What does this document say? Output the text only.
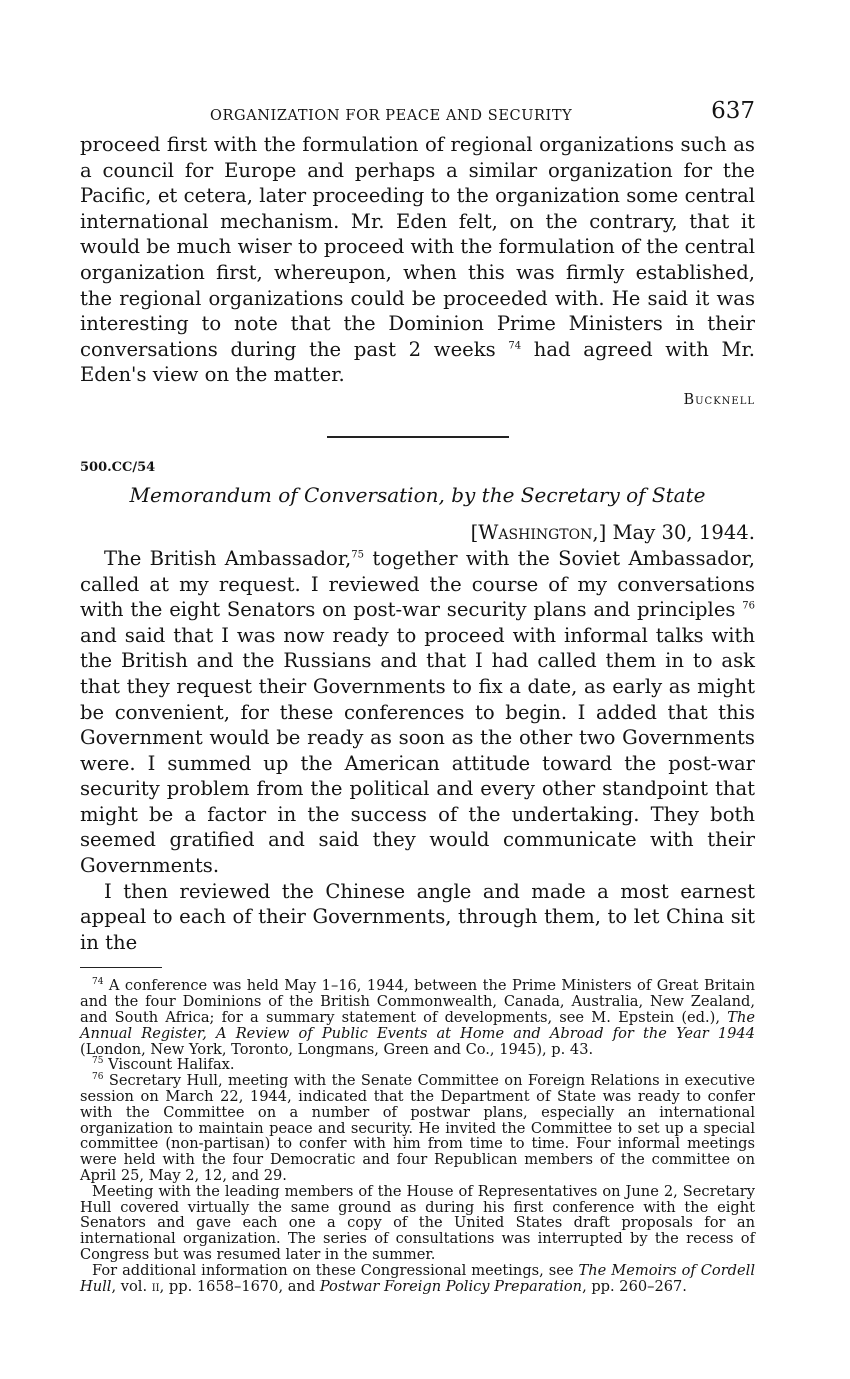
ORGANIZATION FOR PEACE AND SECURITY	637

proceed first with the formulation of regional organizations such as a council for Europe and perhaps a similar organization for the Pacific, et cetera, later proceeding to the organization some central international mechanism. Mr. Eden felt, on the contrary, that it would be much wiser to proceed with the formulation of the central organization first, whereupon, when this was firmly established, the regional organizations could be proceeded with. He said it was interesting to note that the Dominion Prime Ministers in their conversations during the past 2 weeks $^{74}$ had agreed with Mr. Eden's view on the matter.

Bucknell

500.CC/54

Memorandum of Conversation, by the Secretary of State

[Washington,] May 30, 1944.

The British Ambassador,$^{75}$ together with the Soviet Ambassador, called at my request. I reviewed the course of my conversations with the eight Senators on post-war security plans and principles $^{76}$ and said that I was now ready to proceed with informal talks with the British and the Russians and that I had called them in to ask that they request their Governments to fix a date, as early as might be convenient, for these conferences to begin. I added that this Government would be ready as soon as the other two Governments were. I summed up the American attitude toward the post-war security problem from the political and every other standpoint that might be a factor in the success of the undertaking. They both seemed gratified and said they would communicate with their Governments.

I then reviewed the Chinese angle and made a most earnest appeal to each of their Governments, through them, to let China sit in the

$^{74}$ A conference was held May 1–16, 1944, between the Prime Ministers of Great Britain and the four Dominions of the British Commonwealth, Canada, Australia, New Zealand, and South Africa; for a summary statement of developments, see M. Epstein (ed.), The Annual Register, A Review of Public Events at Home and Abroad for the Year 1944 (London, New York, Toronto, Longmans, Green and Co., 1945), p. 43.

$^{75}$ Viscount Halifax.

$^{76}$ Secretary Hull, meeting with the Senate Committee on Foreign Relations in executive session on March 22, 1944, indicated that the Department of State was ready to confer with the Committee on a number of postwar plans, especially an international organization to maintain peace and security. He invited the Committee to set up a special committee (non-partisan) to confer with him from time to time. Four informal meetings were held with the four Democratic and four Republican members of the committee on April 25, May 2, 12, and 29.

Meeting with the leading members of the House of Representatives on June 2, Secretary Hull covered virtually the same ground as during his first conference with the eight Senators and gave each one a copy of the United States draft proposals for an international organization. The series of consultations was interrupted by the recess of Congress but was resumed later in the summer.

For additional information on these Congressional meetings, see The Memoirs of Cordell Hull, vol. ii, pp. 1658–1670, and Postwar Foreign Policy Preparation, pp. 260–267.
